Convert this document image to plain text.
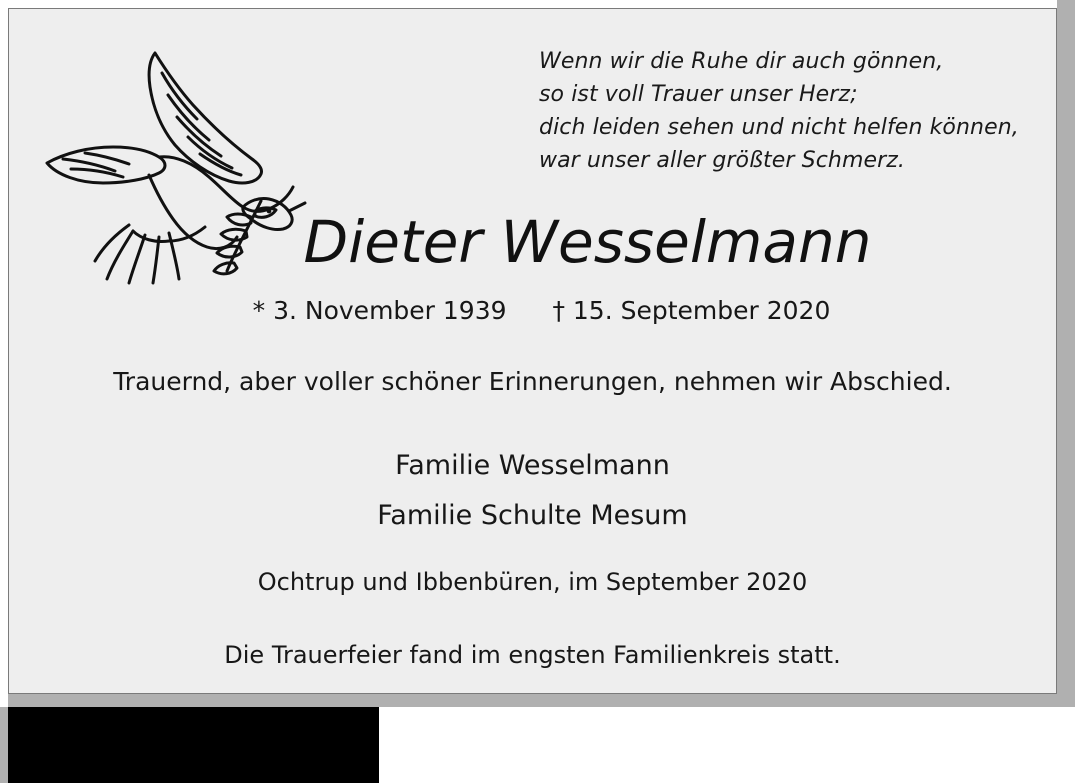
Wenn wir die Ruhe dir auch gönnen,
so ist voll Trauer unser Herz;
dich leiden sehen und nicht helfen können,
war unser aller größter Schmerz.
Dieter Wesselmann
* 3. November 1939 † 15. September 2020
Trauernd, aber voller schöner Erinnerungen, nehmen wir Abschied.
Familie Wesselmann
Familie Schulte Mesum
Ochtrup und Ibbenbüren, im September 2020
Die Trauerfeier fand im engsten Familienkreis statt.
